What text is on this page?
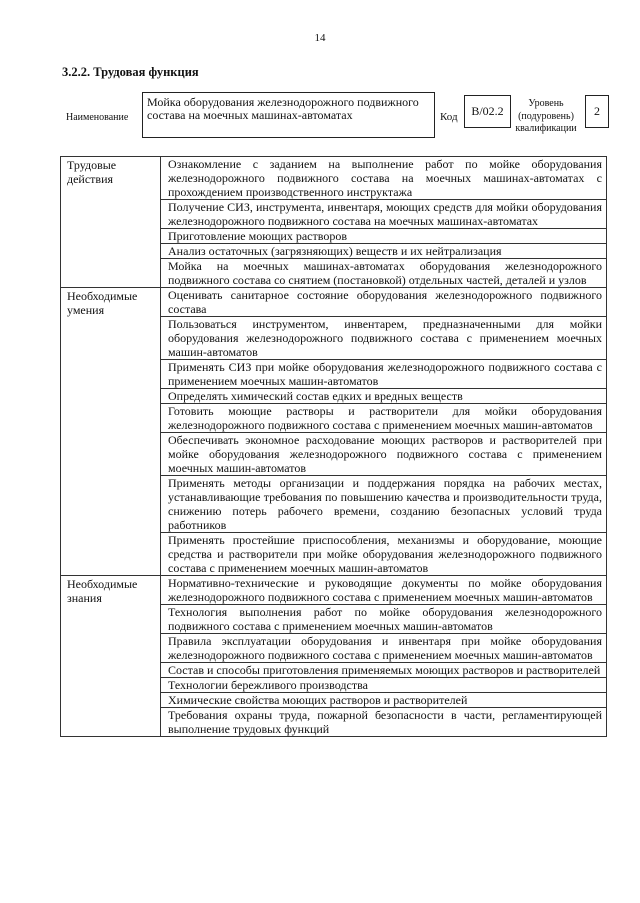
14
3.2.2. Трудовая функция
Наименование
Мойка оборудования железнодорожного подвижного состава на моечных машинах-автоматах	Код	B/02.2
Уровень (подуровень) квалификации
2
Трудовые действия	Ознакомление с заданием на выполнение работ по мойке оборудования железнодорожного подвижного состава на моечных машинах-автоматах с прохождением производственного инструктажа
	Получение СИЗ, инструмента, инвентаря, моющих средств для мойки оборудования железнодорожного подвижного состава на моечных машинах-автоматах
	Приготовление моющих растворов
	Анализ остаточных (загрязняющих) веществ и их нейтрализация
	Мойка на моечных машинах-автоматах оборудования железнодорожного подвижного состава со снятием (постановкой) отдельных частей, деталей и узлов
Необходимые умения	Оценивать санитарное состояние оборудования железнодорожного подвижного состава
	Пользоваться инструментом, инвентарем, предназначенными для мойки оборудования железнодорожного подвижного состава с применением моечных машин-автоматов
	Применять СИЗ при мойке оборудования железнодорожного подвижного состава с применением моечных машин-автоматов
	Определять химический состав едких и вредных веществ
	Готовить моющие растворы и растворители для мойки оборудования железнодорожного подвижного состава с применением моечных машин-автоматов
	Обеспечивать экономное расходование моющих растворов и растворителей при мойке оборудования железнодорожного подвижного состава с применением моечных машин-автоматов
	Применять методы организации и поддержания порядка на рабочих местах, устанавливающие требования по повышению качества и производительности труда, снижению потерь рабочего времени, созданию безопасных условий труда работников
	Применять простейшие приспособления, механизмы и оборудование, моющие средства и растворители при мойке оборудования железнодорожного подвижного состава с применением моечных машин-автоматов
Необходимые знания	Нормативно-технические и руководящие документы по мойке оборудования железнодорожного подвижного состава с применением моечных машин-автоматов
	Технология выполнения работ по мойке оборудования железнодорожного подвижного состава с применением моечных машин-автоматов
	Правила эксплуатации оборудования и инвентаря при мойке оборудования железнодорожного подвижного состава с применением моечных машин-автоматов
	Состав и способы приготовления применяемых моющих растворов и растворителей
	Технологии бережливого производства
	Химические свойства моющих растворов и растворителей
	Требования охраны труда, пожарной безопасности в части, регламентирующей выполнение трудовых функций
